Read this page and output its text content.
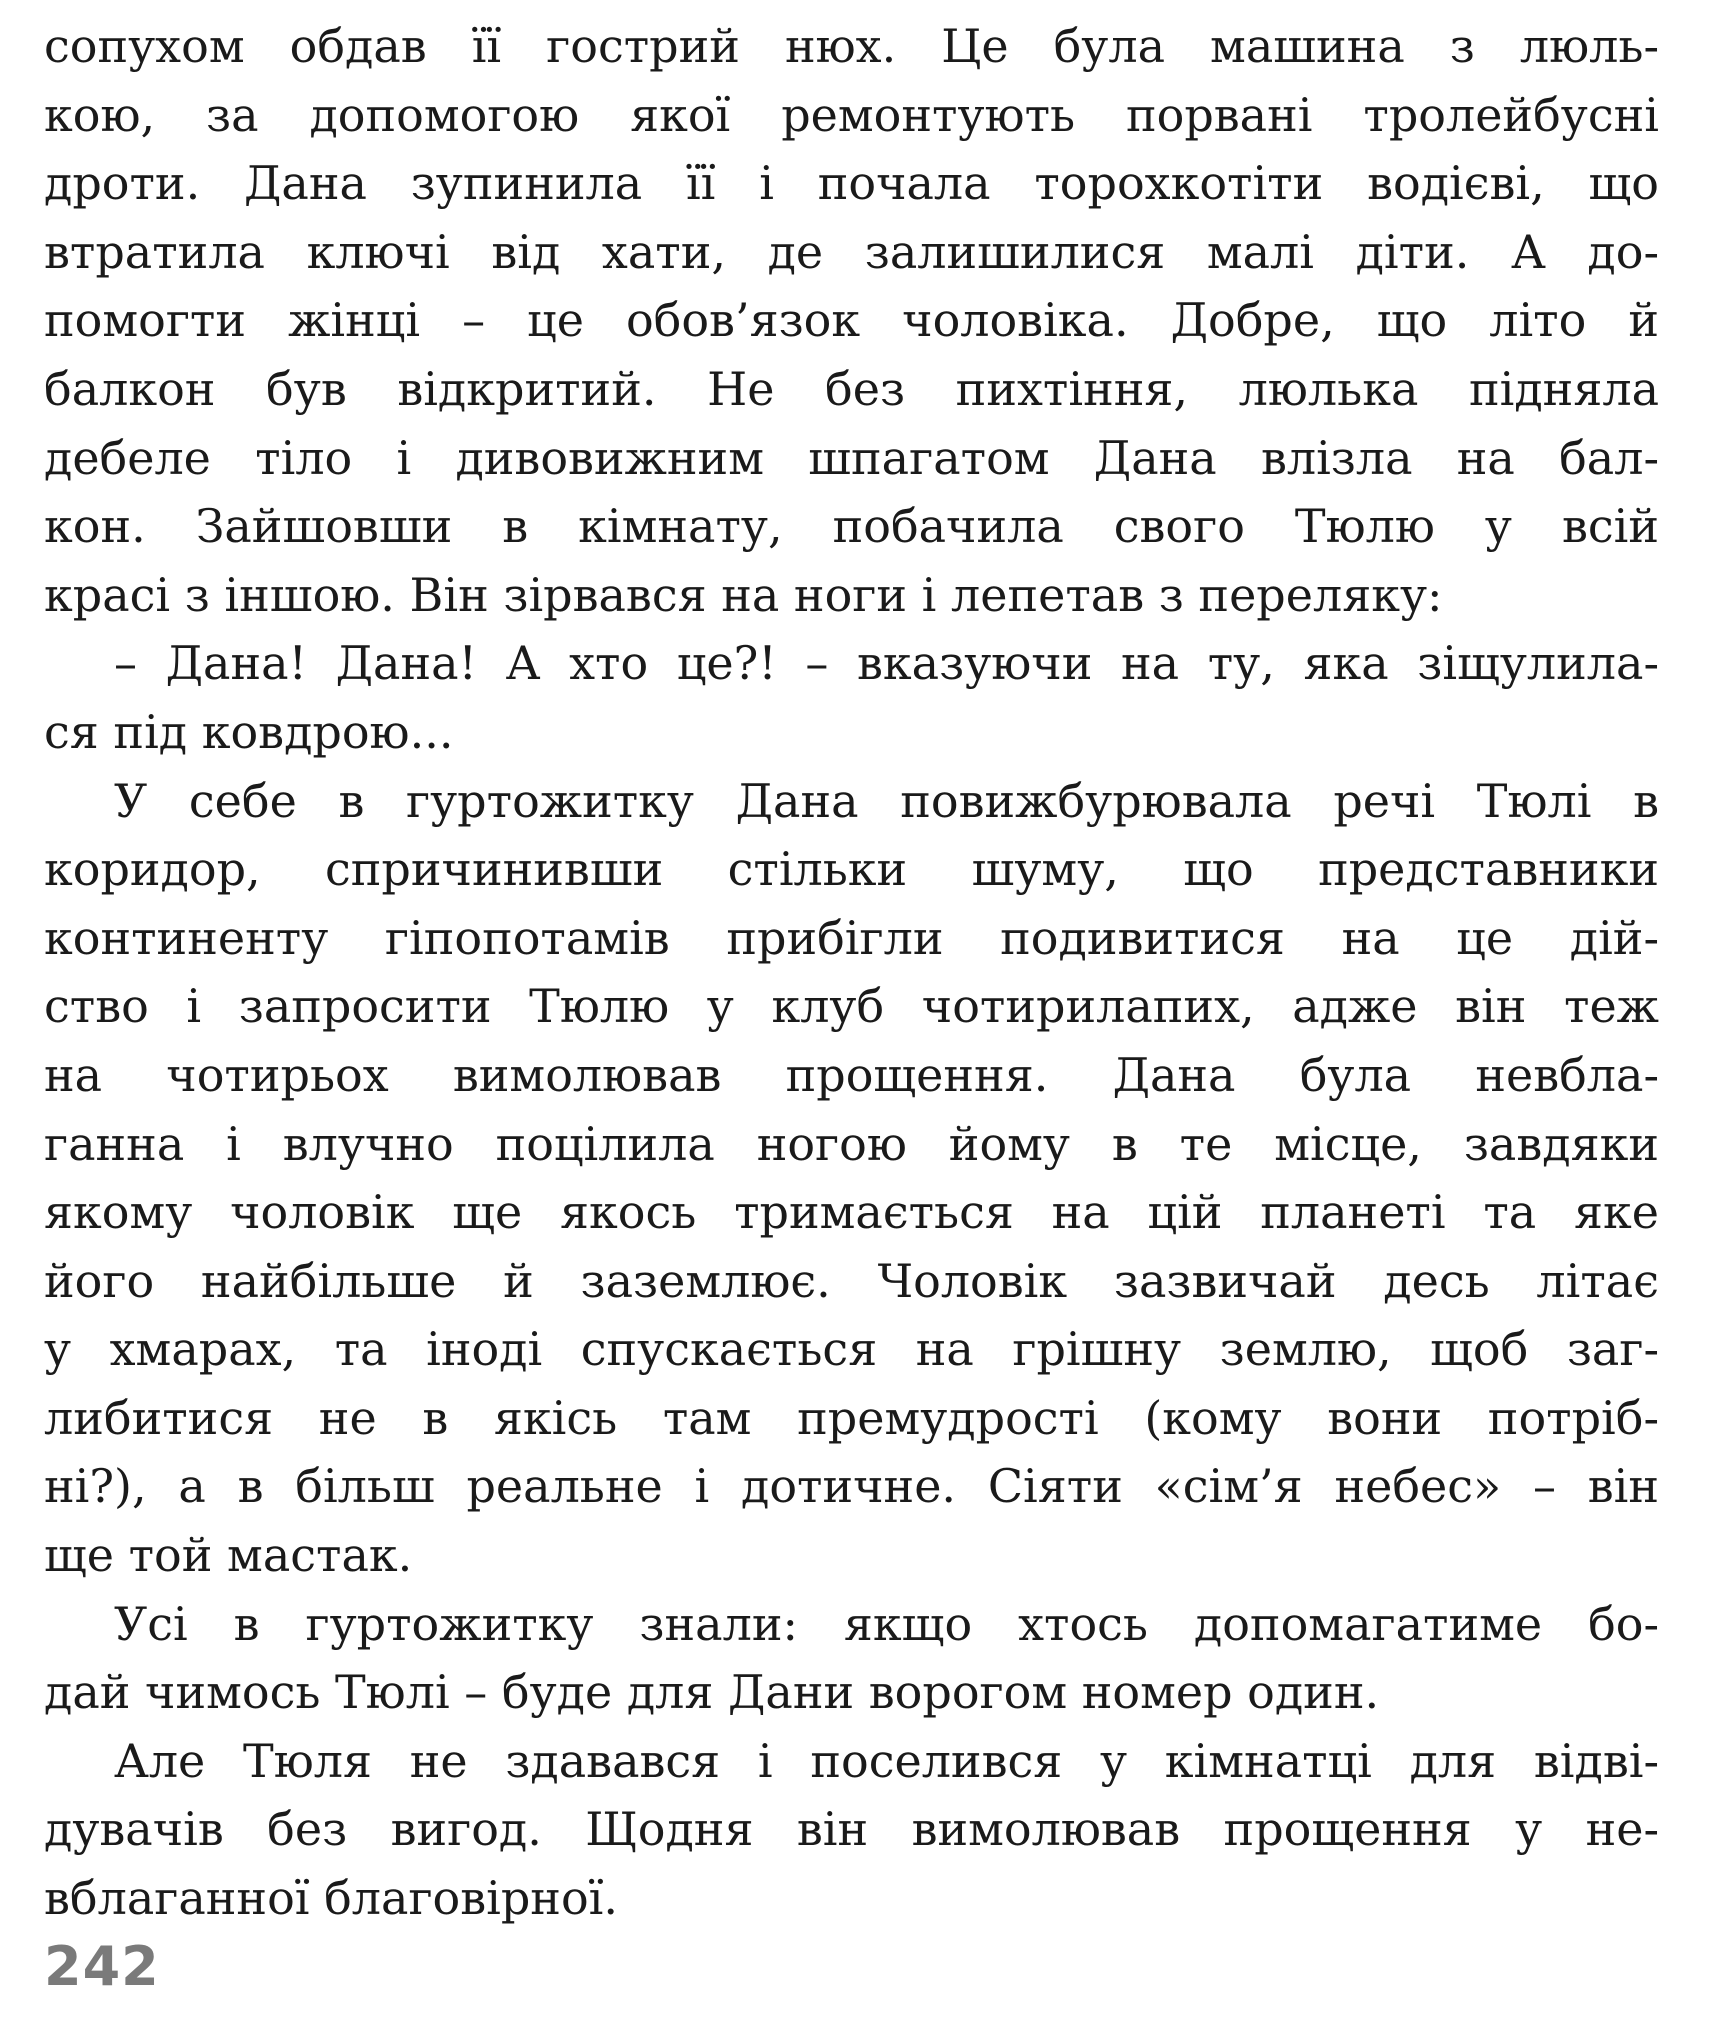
сопухом обдав її гострий нюх. Це була машина з люль-
кою, за допомогою якої ремонтують порвані тролейбусні
дроти. Дана зупинила її і почала торохкотіти водієві, що
втратила ключі від хати, де залишилися малі діти. А до-
помогти жінці – це обов’язок чоловіка. Добре, що літо й
балкон був відкритий. Не без пихтіння, люлька підняла
дебеле тіло і дивовижним шпагатом Дана влізла на бал-
кон. Зайшовши в кімнату, побачила свого Тюлю у всій
красі з іншою. Він зірвався на ноги і лепетав з переляку:
– Дана! Дана! А хто це?! – вказуючи на ту, яка зіщулила-
ся під ковдрою...
У себе в гуртожитку Дана повижбурювала речі Тюлі в
коридор, спричинивши стільки шуму, що представники
континенту гіпопотамів прибігли подивитися на це дій-
ство і запросити Тюлю у клуб чотирилапих, адже він теж
на чотирьох вимолював прощення. Дана була невбла-
ганна і влучно поцілила ногою йому в те місце, завдяки
якому чоловік ще якось тримається на цій планеті та яке
його найбільше й заземлює. Чоловік зазвичай десь літає
у хмарах, та іноді спускається на грішну землю, щоб заг-
либитися не в якісь там премудрості (кому вони потріб-
ні?), а в більш реальне і дотичне. Сіяти «сім’я небес» – він
ще той мастак.
Усі в гуртожитку знали: якщо хтось допомагатиме бо-
дай чимось Тюлі – буде для Дани ворогом номер один.
Але Тюля не здавався і поселився у кімнатці для відві-
дувачів без вигод. Щодня він вимолював прощення у не-
вблаганної благовірної.
242
